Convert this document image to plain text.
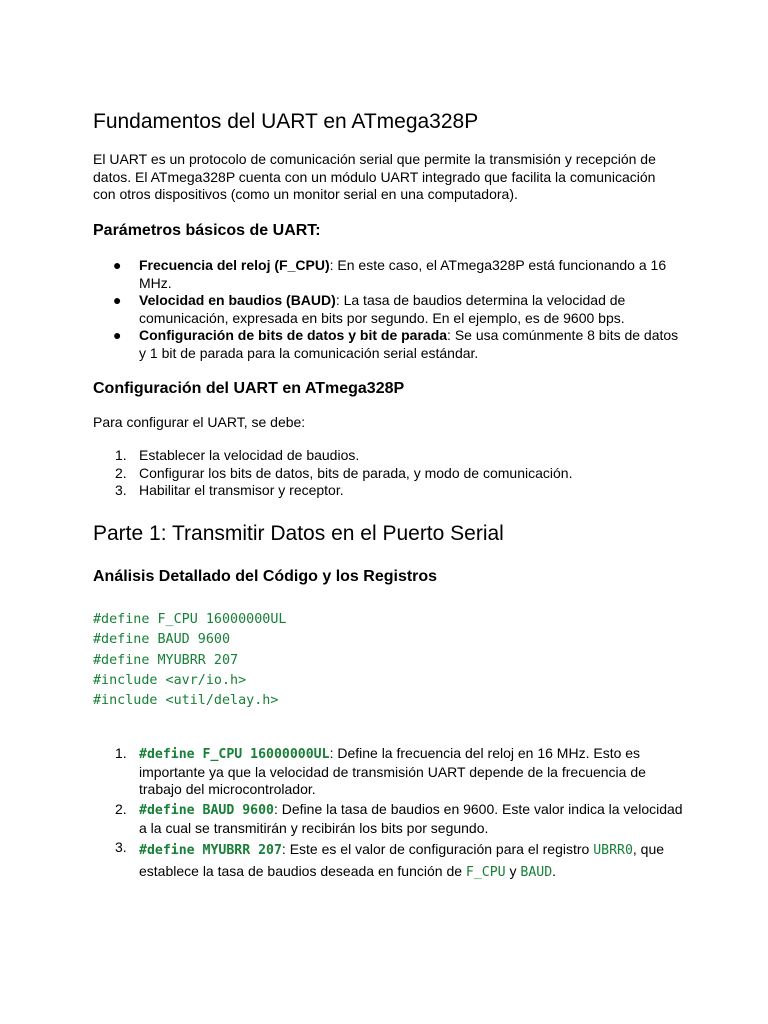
Fundamentos del UART en ATmega328P

El UART es un protocolo de comunicación serial que permite la transmisión y recepción de datos. El ATmega328P cuenta con un módulo UART integrado que facilita la comunicación con otros dispositivos (como un monitor serial en una computadora).

Parámetros básicos de UART:
● Frecuencia del reloj (F_CPU): En este caso, el ATmega328P está funcionando a 16 MHz.
● Velocidad en baudios (BAUD): La tasa de baudios determina la velocidad de comunicación, expresada en bits por segundo. En el ejemplo, es de 9600 bps.
● Configuración de bits de datos y bit de parada: Se usa comúnmente 8 bits de datos y 1 bit de parada para la comunicación serial estándar.
Configuración del UART en ATmega328P

Para configurar el UART, se debe:

1. Establecer la velocidad de baudios.
2. Configurar los bits de datos, bits de parada, y modo de comunicación.
3. Habilitar el transmisor y receptor.
Parte 1: Transmitir Datos en el Puerto Serial
Análisis Detallado del Código y los Registros
#define F_CPU 16000000UL
#define BAUD 9600
#define MYUBRR 207
#include <avr/io.h>
#include <util/delay.h>
1. #define F_CPU 16000000UL: Define la frecuencia del reloj en 16 MHz. Esto es importante ya que la velocidad de transmisión UART depende de la frecuencia de trabajo del microcontrolador.
2. #define BAUD 9600: Define la tasa de baudios en 9600. Este valor indica la velocidad a la cual se transmitirán y recibirán los bits por segundo.
3. #define MYUBRR 207: Este es el valor de configuración para el registro UBRR0, que establece la tasa de baudios deseada en función de F_CPU y BAUD.
